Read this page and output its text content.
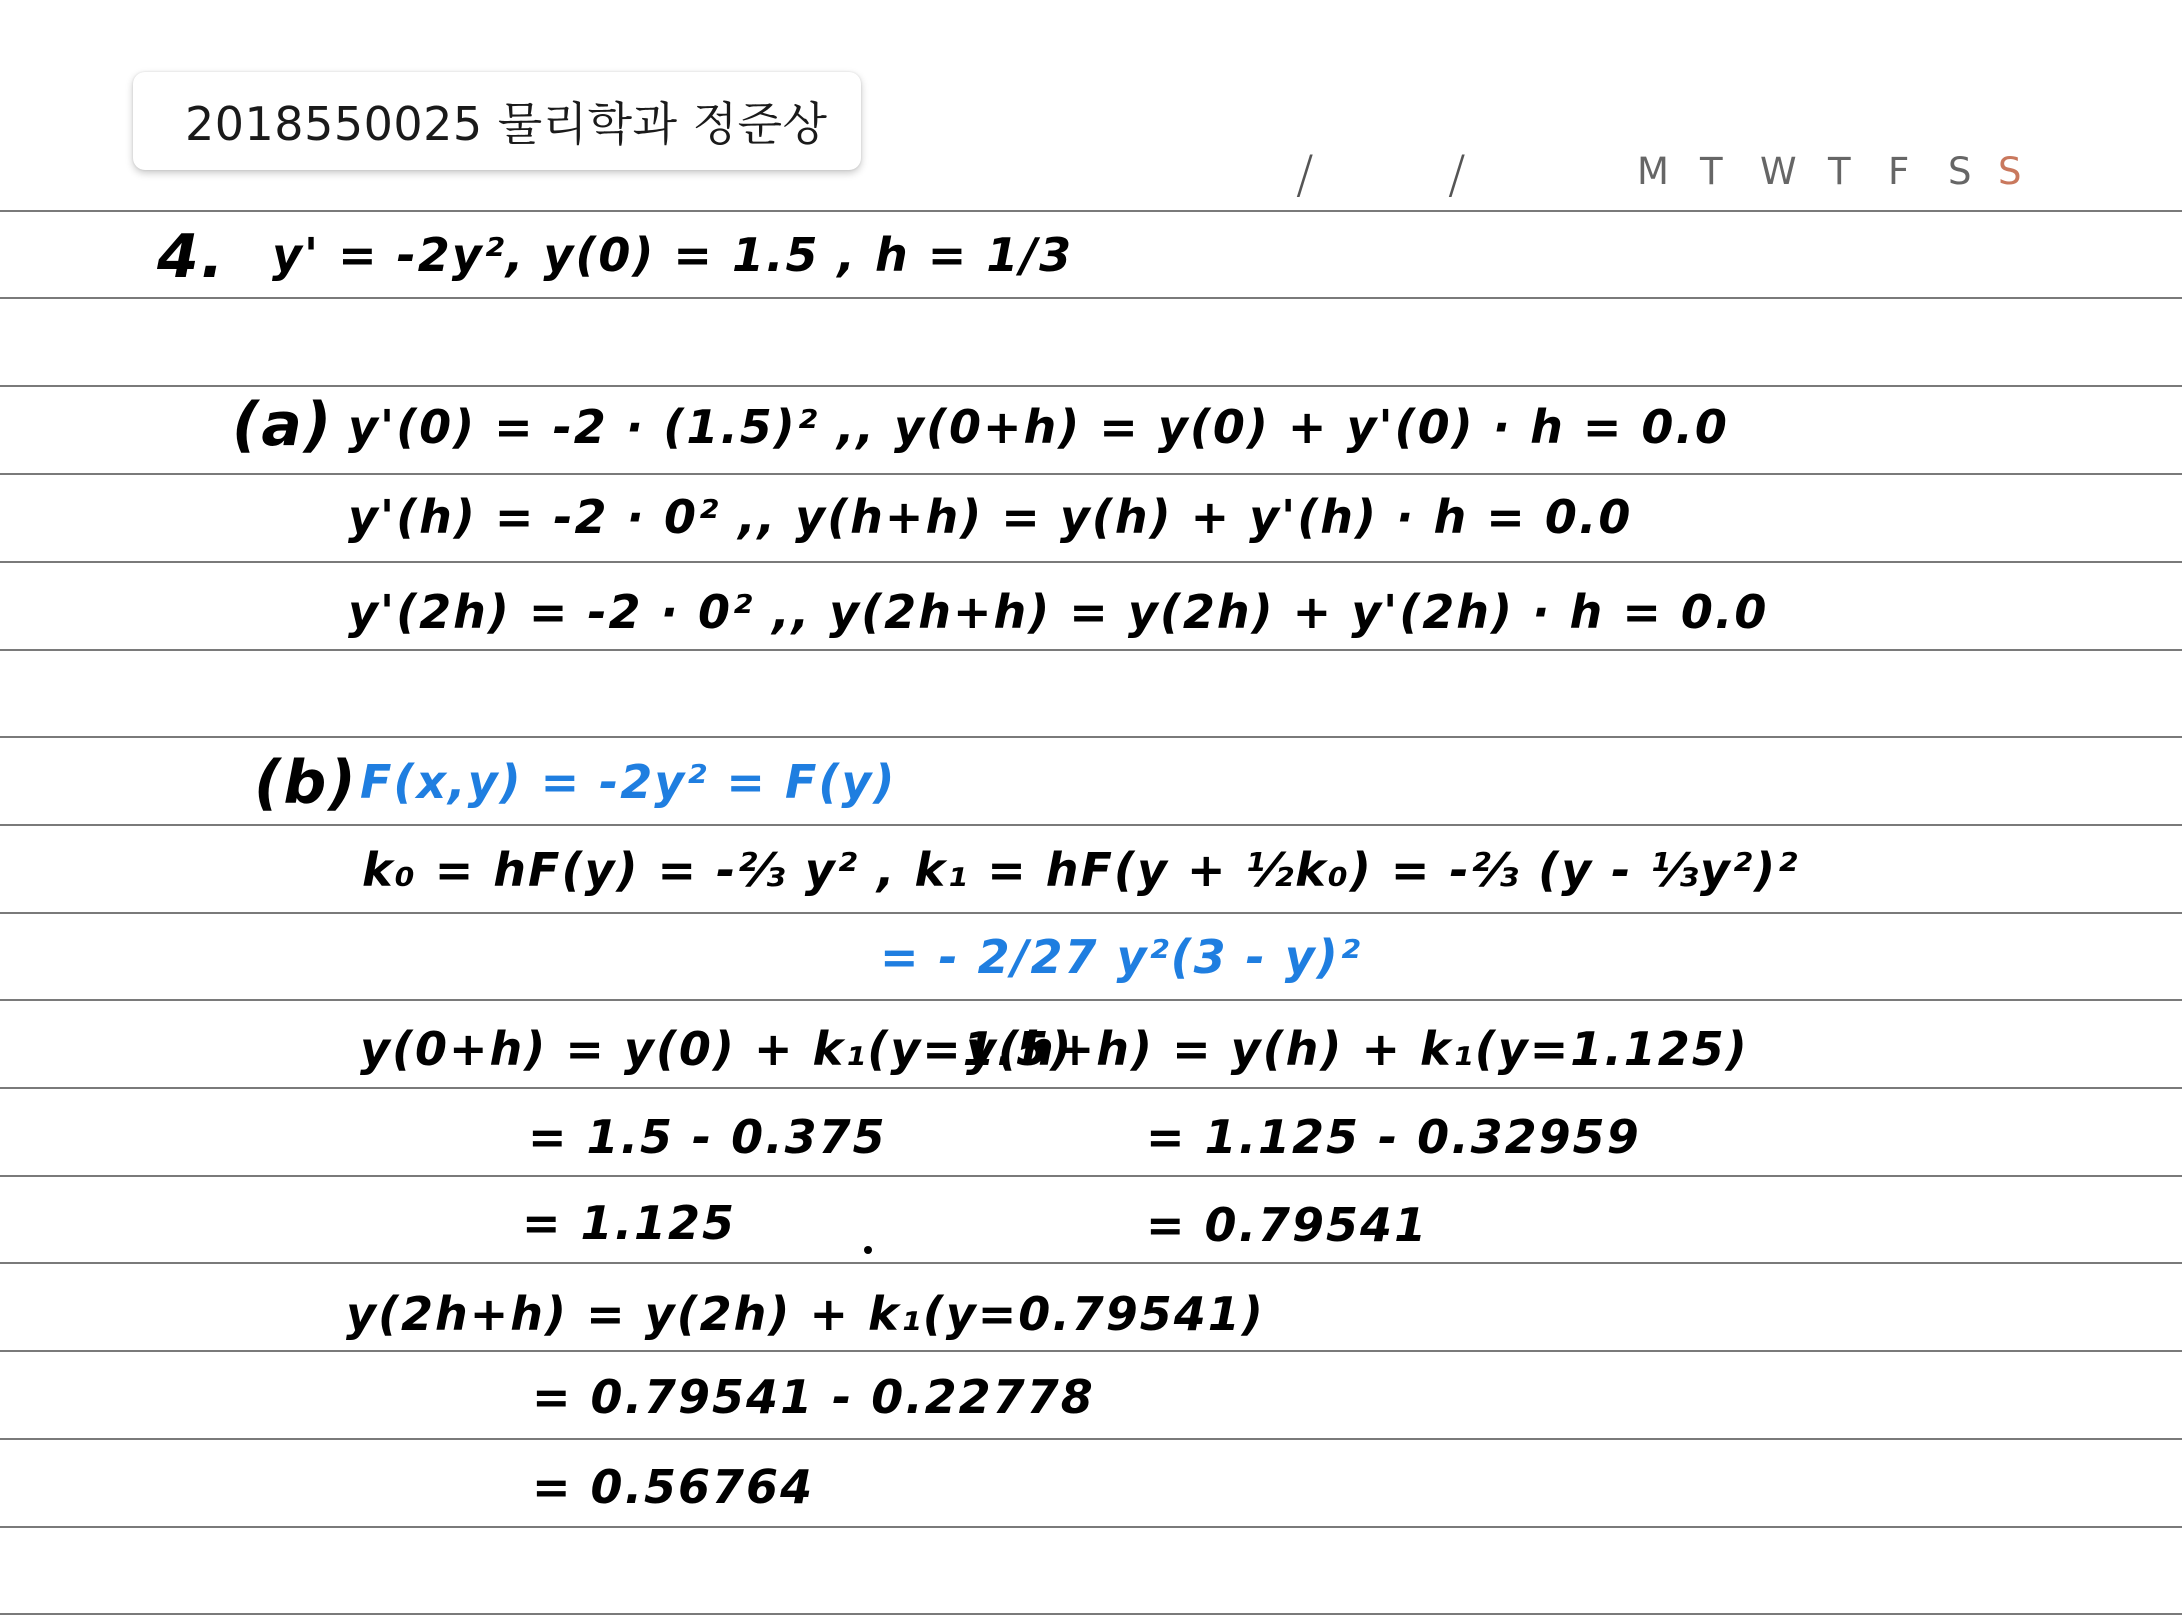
2018550025 물리학과 정준상
/	/	M T W T F S S
4. y' = -2y², y(0) = 1.5 , h = 1/3
(a) y'(0) = -2 · (1.5)² ,, y(0+h) = y(0) + y'(0) · h = 0.0
y'(h) = -2 · 0² ,, y(h+h) = y(h) + y'(h) · h = 0.0
y'(2h) = -2 · 0² ,, y(2h+h) = y(2h) + y'(2h) · h = 0.0
(b) F(x,y) = -2y² = F(y)
k₀ = hF(y) = -⅔ y² , k₁ = hF(y + ½k₀) = -⅔ (y - ⅓y²)²
= - 2/27 y²(3 - y)²
y(0+h) = y(0) + k₁(y=1.5)
= 1.5 - 0.375
= 1.125
y(h+h) = y(h) + k₁(y=1.125)
= 1.125 - 0.32959
= 0.79541
y(2h+h) = y(2h) + k₁(y=0.79541)
= 0.79541 - 0.22778
= 0.56764
